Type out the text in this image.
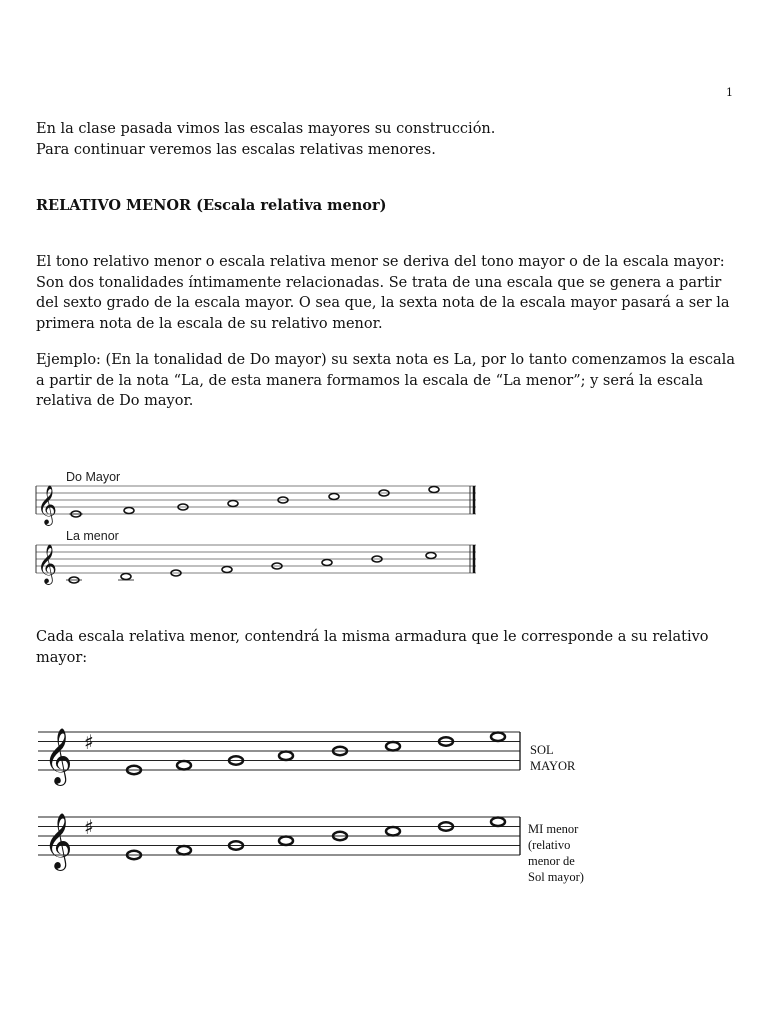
1
En la clase pasada vimos las escalas mayores su construcción.
Para continuar veremos las escalas relativas menores.
RELATIVO MENOR (Escala relativa menor)

El tono relativo menor o escala relativa menor se deriva del tono mayor o de la escala mayor: Son dos tonalidades íntimamente relacionadas. Se trata de una escala que se genera a partir del sexto grado de la escala mayor. O sea que, la sexta nota de la escala mayor pasará a ser la primera nota de la escala de su relativo menor.

Ejemplo: (En la tonalidad de Do mayor) su sexta nota es La, por lo tanto comenzamos la escala a partir de la nota “La, de esta manera formamos la escala de “La menor”; y será la escala relativa de Do mayor.

𝄞
Do Mayor
𝄞
La menor

Cada escala relativa menor, contendrá la misma armadura que le corresponde a su relativo mayor:

𝄞 ♯	SOL
MAYOR
𝄞 ♯	MI menor
(relativo
menor de
Sol mayor)
